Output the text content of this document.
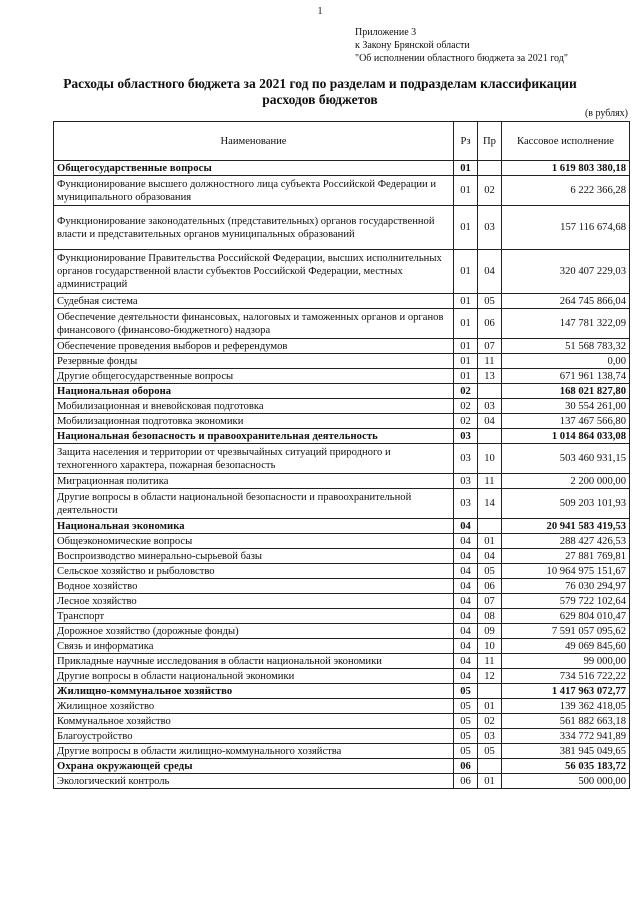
1
Приложение 3
к Закону Брянской области
"Об исполнении областного бюджета за 2021 год"
Расходы областного бюджета за 2021 год по разделам и подразделам классификации расходов бюджетов
(в рублях)
Наименование	Рз	Пр	Кассовое исполнение
Общегосударственные вопросы	01		1 619 803 380,18
Функционирование высшего должностного лица субъекта Российской Федерации и муниципального образования	01	02	6 222 366,28
Функционирование законодательных (представительных) органов государственной власти и представительных органов муниципальных образований	01	03	157 116 674,68
Функционирование Правительства Российской Федерации, высших исполнительных органов государственной власти субъектов Российской Федерации, местных администраций	01	04	320 407 229,03
Судебная система	01	05	264 745 866,04
Обеспечение деятельности финансовых, налоговых и таможенных органов и органов финансового (финансово-бюджетного) надзора	01	06	147 781 322,09
Обеспечение проведения выборов и референдумов	01	07	51 568 783,32
Резервные фонды	01	11	0,00
Другие общегосударственные вопросы	01	13	671 961 138,74
Национальная оборона	02		168 021 827,80
Мобилизационная и вневойсковая подготовка	02	03	30 554 261,00
Мобилизационная подготовка экономики	02	04	137 467 566,80
Национальная безопасность и правоохранительная деятельность	03		1 014 864 033,08
Защита населения и территории от чрезвычайных ситуаций природного и техногенного характера, пожарная безопасность	03	10	503 460 931,15
Миграционная политика	03	11	2 200 000,00
Другие вопросы в области национальной безопасности и правоохранительной деятельности	03	14	509 203 101,93
Национальная экономика	04		20 941 583 419,53
Общеэкономические вопросы	04	01	288 427 426,53
Воспроизводство минерально-сырьевой базы	04	04	27 881 769,81
Сельское хозяйство и рыболовство	04	05	10 964 975 151,67
Водное хозяйство	04	06	76 030 294,97
Лесное хозяйство	04	07	579 722 102,64
Транспорт	04	08	629 804 010,47
Дорожное хозяйство (дорожные фонды)	04	09	7 591 057 095,62
Связь и информатика	04	10	49 069 845,60
Прикладные научные исследования в области национальной экономики	04	11	99 000,00
Другие вопросы в области национальной экономики	04	12	734 516 722,22
Жилищно-коммунальное хозяйство	05		1 417 963 072,77
Жилищное хозяйство	05	01	139 362 418,05
Коммунальное хозяйство	05	02	561 882 663,18
Благоустройство	05	03	334 772 941,89
Другие вопросы в области жилищно-коммунального хозяйства	05	05	381 945 049,65
Охрана окружающей среды	06		56 035 183,72
Экологический контроль	06	01	500 000,00
